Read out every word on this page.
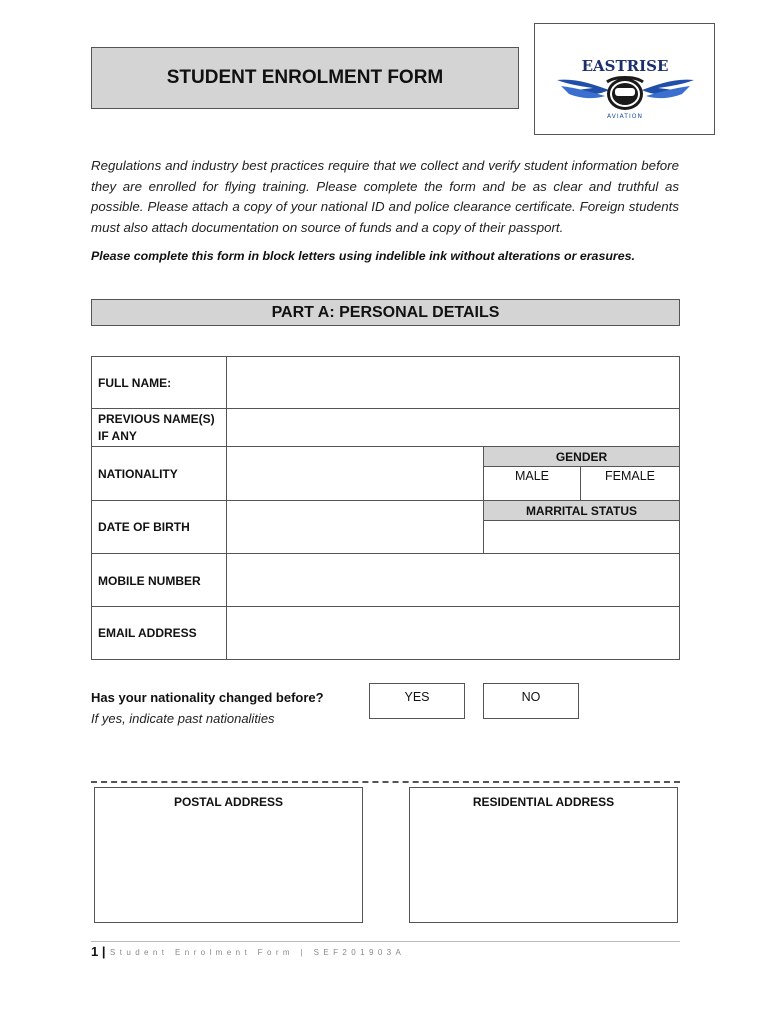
STUDENT ENROLMENT FORM
EASTRISE
AVIATION
Regulations and industry best practices require that we collect and verify student information before they are enrolled for flying training. Please complete the form and be as clear and truthful as possible. Please attach a copy of your national ID and police clearance certificate. Foreign students must also attach documentation on source of funds and a copy of their passport.
Please complete this form in block letters using indelible ink without alterations or erasures.
PART A: PERSONAL DETAILS
FULL NAME:
PREVIOUS NAME(S)
IF ANY
NATIONALITY
GENDER
MALE	FEMALE
DATE OF BIRTH
MARRITAL STATUS
MOBILE NUMBER
EMAIL ADDRESS
Has your nationality changed before?
If yes, indicate past nationalities
YES	NO
POSTAL ADDRESS	RESIDENTIAL ADDRESS
1 | Student Enrolment Form | SEF201903A
